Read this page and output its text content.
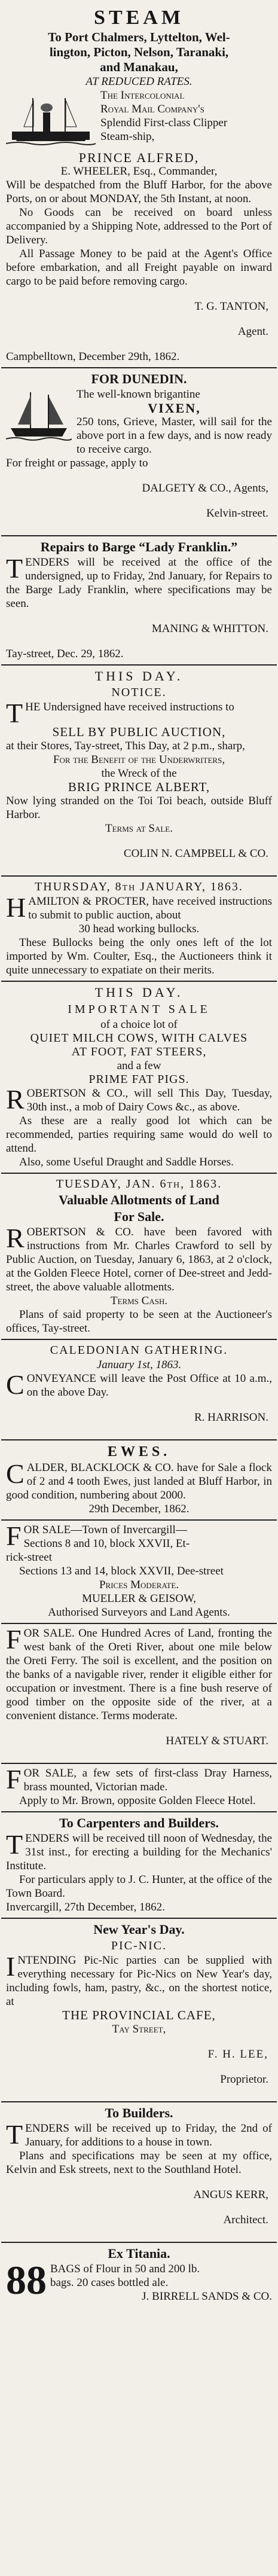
STEAM

To Port Chalmers, Lyttelton, Wel-

lington, Picton, Nelson, Taranaki,

and Manakau,

AT REDUCED RATES.

The Intercolonial

Royal Mail Company's

Splendid First-class Clipper

Steam-ship,

PRINCE ALFRED,

E. WHEELER, Esq., Commander,

Will be despatched from the Bluff Harbor, for the above Ports, on or about MONDAY, the 5th Instant, at noon.

No Goods can be received on board unless accompanied by a Shipping Note, addressed to the Port of Delivery.

All Passage Money to be paid at the Agent's Office before embarkation, and all Freight payable on inward cargo to be paid before removing cargo.

T. G. TANTON,

Agent.

Campbelltown, December 29th, 1862.

FOR DUNEDIN.

The well-known brigantine

VIXEN,

250 tons, Grieve, Master, will sail for the above port in a few days, and is now ready to receive cargo.

For freight or passage, apply to

DALGETY & CO., Agents,

Kelvin-street.

Repairs to Barge “Lady Franklin.”
T ENDERS will be received at the office of the undersigned, up to Friday, 2nd January, for Repairs to the Barge Lady Franklin, where specifications may be seen.

MANING & WHITTON.

Tay-street, Dec. 29, 1862.

THIS DAY.
NOTICE.
T HE Undersigned have received instructions to

SELL BY PUBLIC AUCTION,

at their Stores, Tay-street, This Day, at 2 p.m., sharp,

For the Benefit of the Underwriters,

the Wreck of the

BRIG PRINCE ALBERT,

Now lying stranded on the Toi Toi beach, outside Bluff Harbor.

Terms at Sale.

COLIN N. CAMPBELL & CO.

THURSDAY, 8th JANUARY, 1863.
H AMILTON & PROCTER, have received instructions to submit to public auction, about

30 head working bullocks.

These Bullocks being the only ones left of the lot imported by Wm. Coulter, Esq., the Auctioneers think it quite unnecessary to expatiate on their merits.

THIS DAY.
IMPORTANT SALE

of a choice lot of

QUIET MILCH COWS, WITH CALVES

AT FOOT, FAT STEERS,

and a few

PRIME FAT PIGS.

R OBERTSON & CO., will sell This Day, Tuesday, 30th inst., a mob of Dairy Cows &c., as above.

As these are a really good lot which can be recommended, parties requiring same would do well to attend.

Also, some Useful Draught and Saddle Horses.

TUESDAY, JAN. 6th, 1863.
Valuable Allotments of Land
For Sale.
R OBERTSON & CO. have been favored with instructions from Mr. Charles Crawford to sell by Public Auction, on Tuesday, January 6, 1863, at 2 o'clock, at the Golden Fleece Hotel, corner of Dee-street and Jedd-street, the above valuable allotments.

Terms Cash.

Plans of said property to be seen at the Auctioneer's offices, Tay-street.

CALEDONIAN GATHERING.

January 1st, 1863.

C ONVEYANCE will leave the Post Office at 10 a.m., on the above Day.

R. HARRISON.

EWES.
C ALDER, BLACKLOCK & CO. have for Sale a flock of 2 and 4 tooth Ewes, just landed at Bluff Harbor, in good condition, numbering about 2000.

29th December, 1862.

F OR SALE—Town of Invercargill—

Sections 8 and 10, block XXVII, Et-

rick-street

Sections 13 and 14, block XXVII, Dee-street

Prices Moderate.

MUELLER & GEISOW,

Authorised Surveyors and Land Agents.

F OR SALE. One Hundred Acres of Land, fronting the west bank of the Oreti River, about one mile below the Oreti Ferry. The soil is excellent, and the position on the banks of a navigable river, render it eligible either for occupation or investment. There is a fine bush reserve of good timber on the opposite side of the river, at a convenient distance. Terms moderate.

HATELY & STUART.

F OR SALE, a few sets of first-class Dray Harness, brass mounted, Victorian made.

Apply to Mr. Brown, opposite Golden Fleece Hotel.

To Carpenters and Builders.
T ENDERS will be received till noon of Wednesday, the 31st inst., for erecting a building for the Mechanics' Institute.

For particulars apply to J. C. Hunter, at the office of the Town Board.

Invercargill, 27th December, 1862.

New Year's Day.
PIC-NIC.
I NTENDING Pic-Nic parties can be supplied with everything necessary for Pic-Nics on New Year's day, including fowls, ham, pastry, &c., on the shortest notice, at

THE PROVINCIAL CAFE,

Tay Street,

F. H. LEE,

Proprietor.

To Builders.
T ENDERS will be received up to Friday, the 2nd of January, for additions to a house in town.

Plans and specifications may be seen at my office, Kelvin and Esk streets, next to the Southland Hotel.

ANGUS KERR,

Architect.

Ex Titania.
88 BAGS of Flour in 50 and 200 lb.

bags. 20 cases bottled ale.

J. BIRRELL SANDS & CO.
